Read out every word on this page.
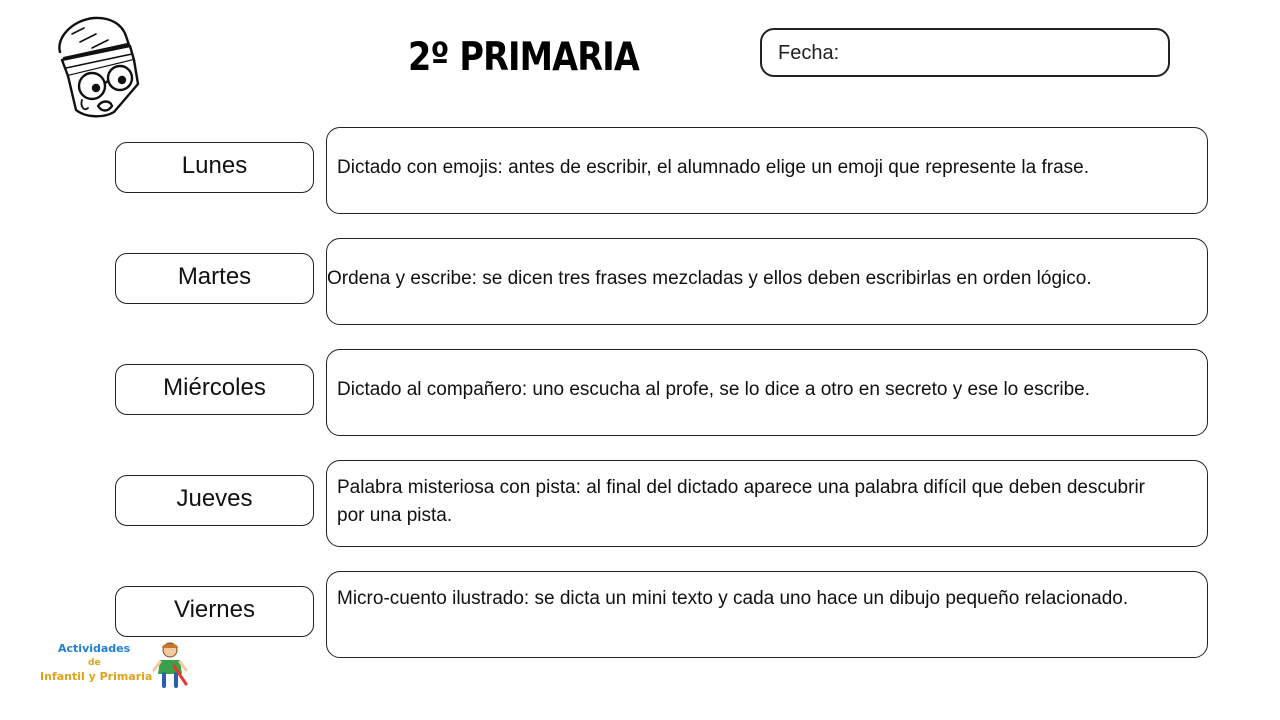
2º PRIMARIA	Fecha:
Lunes	Dictado con emojis: antes de escribir, el alumnado elige un emoji que represente la frase.
Martes	Ordena y escribe: se dicen tres frases mezcladas y ellos deben escribirlas en orden lógico.
Miércoles	Dictado al compañero: uno escucha al profe, se lo dice a otro en secreto y ese lo escribe.
Jueves	Palabra misteriosa con pista: al final del dictado aparece una palabra difícil que deben descubrir por una pista.
Viernes	Micro-cuento ilustrado: se dicta un mini texto y cada uno hace un dibujo pequeño relacionado.
Actividades
de
Infantil y Primaria
